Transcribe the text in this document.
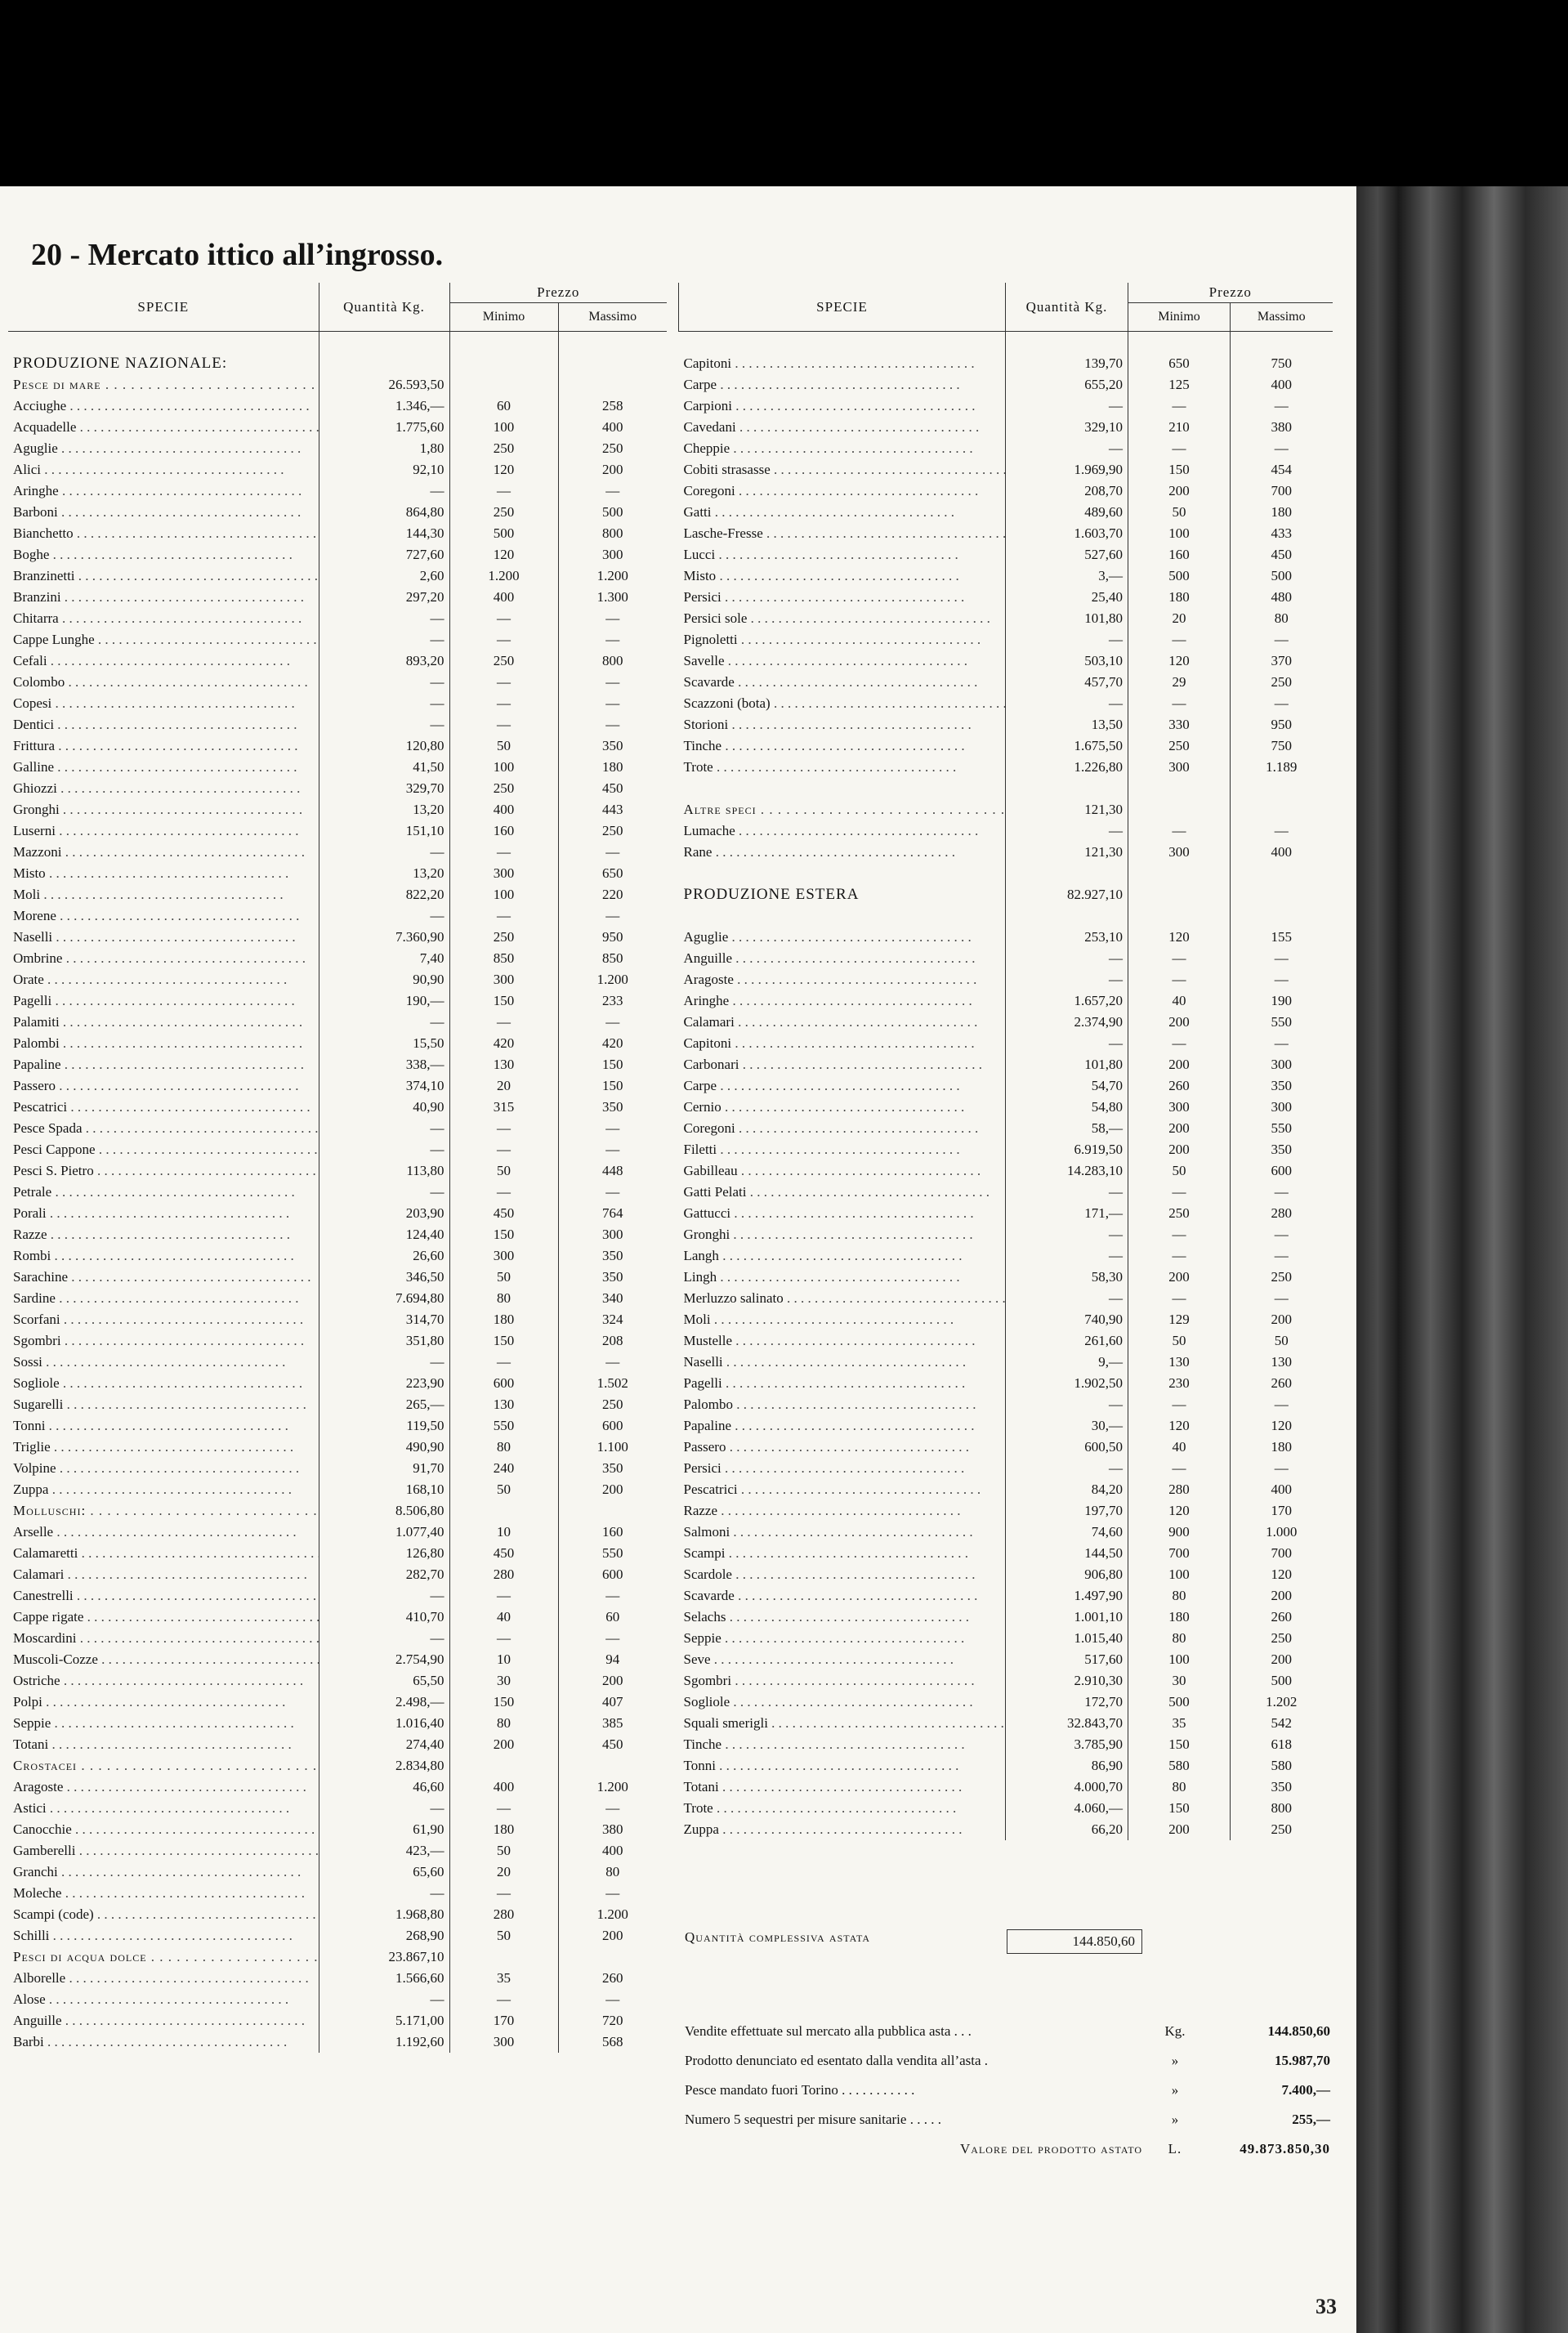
20 - Mercato ittico all’ingrosso.
SPECIE	Quantità Kg.	Prezzo	
		Minimo	Massimo

PRODUZIONE NAZIONALE:			
Pesce di mare . . .	26.593,50		
Acciughe . . .	1.346,—	60	258
Acquadelle . . .	1.775,60	100	400
Aguglie . . .	1,80	250	250
Alici . . .	92,10	120	200
Aringhe . . .	—	—	—
Barboni . . .	864,80	250	500
Bianchetto . . .	144,30	500	800
Boghe . . .	727,60	120	300
Branzinetti . . .	2,60	1.200	1.200
Branzini . . .	297,20	400	1.300
Chitarra . . .	—	—	—
Cappe Lunghe . . .	—	—	—
Cefali . . .	893,20	250	800
Colombo . . .	—	—	—
Copesi . . .	—	—	—
Dentici . . .	—	—	—
Frittura . . .	120,80	50	350
Galline . . .	41,50	100	180
Ghiozzi . . .	329,70	250	450
Gronghi . . .	13,20	400	443
Luserni . . .	151,10	160	250
Mazzoni . . .	—	—	—
Misto . . .	13,20	300	650
Moli . . .	822,20	100	220
Morene . . .	—	—	—
Naselli . . .	7.360,90	250	950
Ombrine . . .	7,40	850	850
Orate . . .	90,90	300	1.200
Pagelli . . .	190,—	150	233
Palamiti . . .	—	—	—
Palombi . . .	15,50	420	420
Papaline . . .	338,—	130	150
Passero . . .	374,10	20	150
Pescatrici . . .	40,90	315	350
Pesce Spada . . .	—	—	—
Pesci Cappone . . .	—	—	—
Pesci S. Pietro . . .	113,80	50	448
Petrale . . .	—	—	—
Porali . . .	203,90	450	764
Razze . . .	124,40	150	300
Rombi . . .	26,60	300	350
Sarachine . . .	346,50	50	350
Sardine . . .	7.694,80	80	340
Scorfani . . .	314,70	180	324
Sgombri . . .	351,80	150	208
Sossi . . .	—	—	—
Sogliole . . .	223,90	600	1.502
Sugarelli . . .	265,—	130	250
Tonni . . .	119,50	550	600
Triglie . . .	490,90	80	1.100
Volpine . . .	91,70	240	350
Zuppa . . .	168,10	50	200
Molluschi: . . .	8.506,80		
Arselle . . .	1.077,40	10	160
Calamaretti . . .	126,80	450	550
Calamari . . .	282,70	280	600
Canestrelli . . .	—	—	—
Cappe rigate . . .	410,70	40	60
Moscardini . . .	—	—	—
Muscoli-Cozze . . .	2.754,90	10	94
Ostriche . . .	65,50	30	200
Polpi . . .	2.498,—	150	407
Seppie . . .	1.016,40	80	385
Totani . . .	274,40	200	450
Crostacei . . .	2.834,80		
Aragoste . . .	46,60	400	1.200
Astici . . .	—	—	—
Canocchie . . .	61,90	180	380
Gamberelli . . .	423,—	50	400
Granchi . . .	65,60	20	80
Moleche . . .	—	—	—
Scampi (code) . . .	1.968,80	280	1.200
Schilli . . .	268,90	50	200
Pesci di acqua dolce . . .	23.867,10		
Alborelle . . .	1.566,60	35	260
Alose . . .	—	—	—
Anguille . . .	5.171,00	170	720
Barbi . . .	1.192,60	300	568
SPECIE	Quantità Kg.	Prezzo	
		Minimo	Massimo

Capitoni . . .	139,70	650	750
Carpe . . .	655,20	125	400
Carpioni . . .	—	—	—
Cavedani . . .	329,10	210	380
Cheppie . . .	—	—	—
Cobiti strasasse . . .	1.969,90	150	454
Coregoni . . .	208,70	200	700
Gatti . . .	489,60	50	180
Lasche-Fresse . . .	1.603,70	100	433
Lucci . . .	527,60	160	450
Misto . . .	3,—	500	500
Persici . . .	25,40	180	480
Persici sole . . .	101,80	20	80
Pignoletti . . .	—	—	—
Savelle . . .	503,10	120	370
Scavarde . . .	457,70	29	250
Scazzoni (bota) . . .	—	—	—
Storioni . . .	13,50	330	950
Tinche . . .	1.675,50	250	750
Trote . . .	1.226,80	300	1.189

Altre speci . . .	121,30		
Lumache . . .	—	—	—
Rane . . .	121,30	300	400

PRODUZIONE ESTERA	82.927,10		

Aguglie . . .	253,10	120	155
Anguille . . .	—	—	—
Aragoste . . .	—	—	—
Aringhe . . .	1.657,20	40	190
Calamari . . .	2.374,90	200	550
Capitoni . . .	—	—	—
Carbonari . . .	101,80	200	300
Carpe . . .	54,70	260	350
Cernio . . .	54,80	300	300
Coregoni . . .	58,—	200	550
Filetti . . .	6.919,50	200	350
Gabilleau . . .	14.283,10	50	600
Gatti Pelati . . .	—	—	—
Gattucci . . .	171,—	250	280
Gronghi . . .	—	—	—
Langh . . .	—	—	—
Lingh . . .	58,30	200	250
Merluzzo salinato . . .	—	—	—
Moli . . .	740,90	129	200
Mustelle . . .	261,60	50	50
Naselli . . .	9,—	130	130
Pagelli . . .	1.902,50	230	260
Palombo . . .	—	—	—
Papaline . . .	30,—	120	120
Passero . . .	600,50	40	180
Persici . . .	—	—	—
Pescatrici . . .	84,20	280	400
Razze . . .	197,70	120	170
Salmoni . . .	74,60	900	1.000
Scampi . . .	144,50	700	700
Scardole . . .	906,80	100	120
Scavarde . . .	1.497,90	80	200
Selachs . . .	1.001,10	180	260
Seppie . . .	1.015,40	80	250
Seve . . .	517,60	100	200
Sgombri . . .	2.910,30	30	500
Sogliole . . .	172,70	500	1.202
Squali smerigli . . .	32.843,70	35	542
Tinche . . .	3.785,90	150	618
Tonni . . .	86,90	580	580
Totani . . .	4.000,70	80	350
Trote . . .	4.060,—	150	800
Zuppa . . .	66,20	200	250
Quantità complessiva astata	144.850,60
Vendite effettuate sul mercato alla pubblica asta . . .	Kg.	144.850,60
Prodotto denunciato ed esentato dalla vendita all’asta .	»	15.987,70
Pesce mandato fuori Torino . . . . . . . . . . .	»	7.400,—
Numero 5 sequestri per misure sanitarie . . . . .	»	255,—
Valore del prodotto astato	L.	49.873.850,30
33
